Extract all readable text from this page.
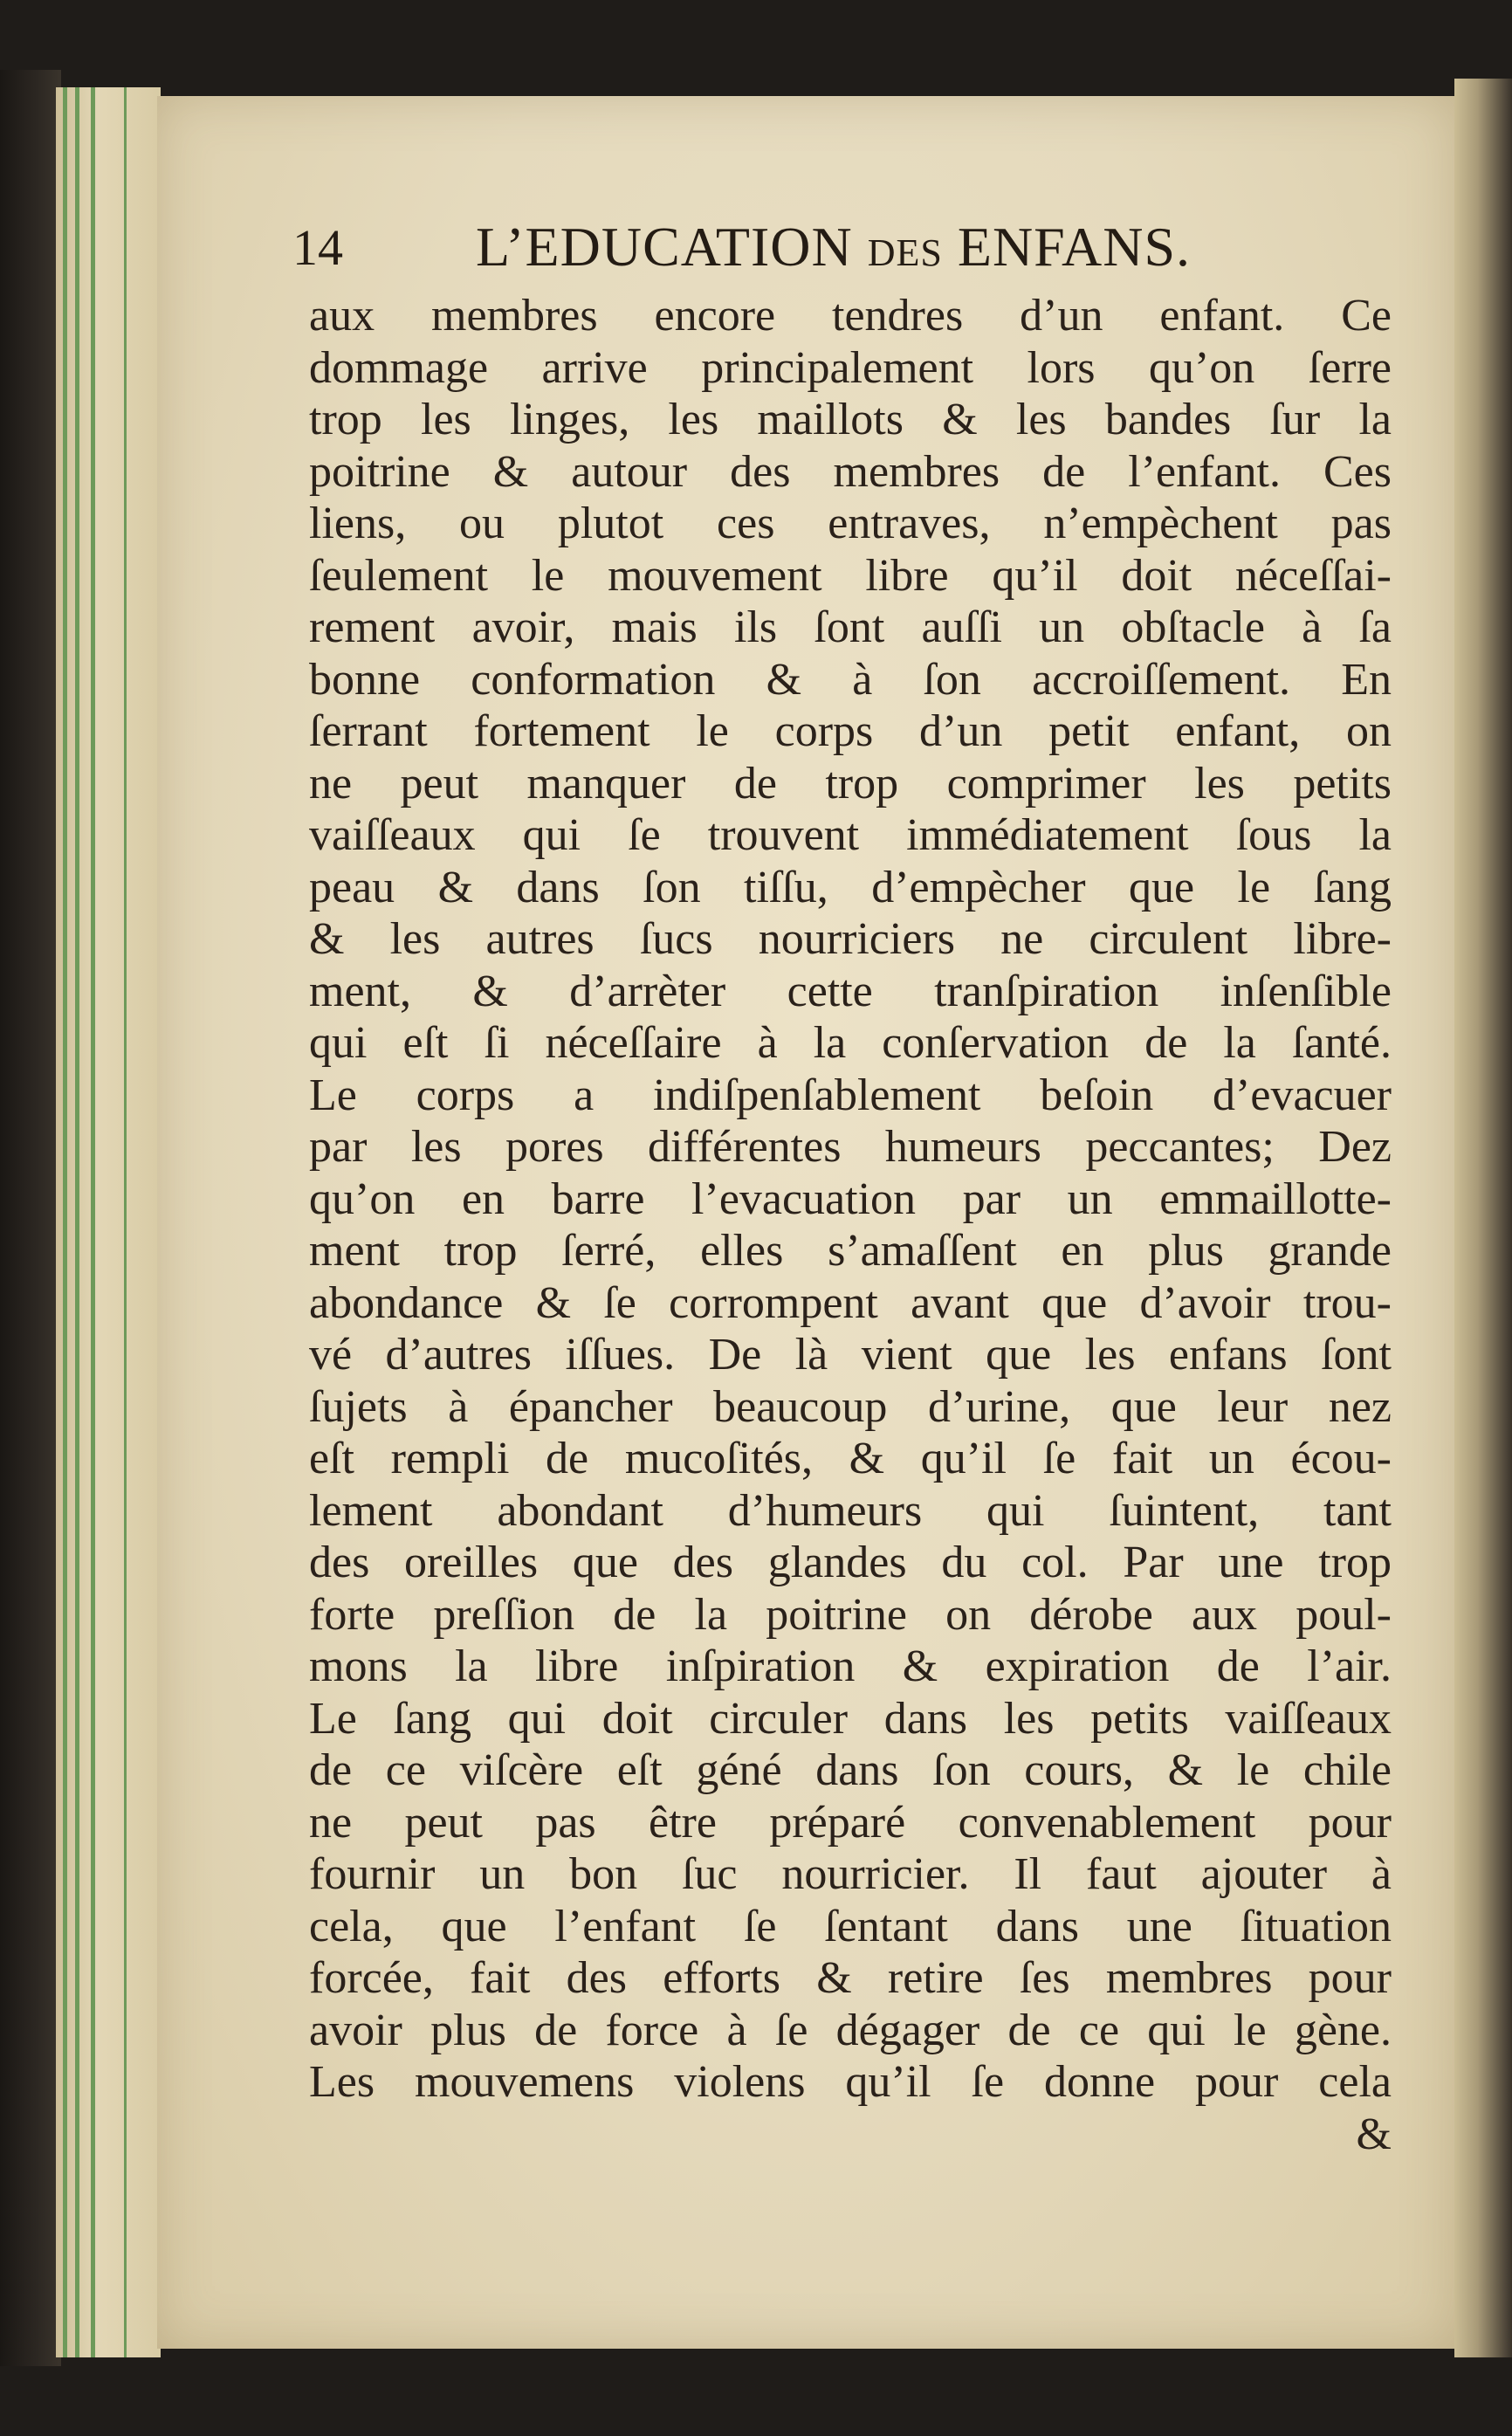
14 L’EDUCATION DES ENFANS.
aux membres encore tendres d’un enfant. Ce
dommage arrive principalement lors qu’on ſerre
trop les linges, les maillots & les bandes ſur la
poitrine & autour des membres de l’enfant. Ces
liens, ou plutot ces entraves, n’empèchent pas
ſeulement le mouvement libre qu’il doit néceſſai-
rement avoir, mais ils ſont auſſi un obſtacle à ſa
bonne conformation & à ſon accroiſſement. En
ſerrant fortement le corps d’un petit enfant, on
ne peut manquer de trop comprimer les petits
vaiſſeaux qui ſe trouvent immédiatement ſous la
peau & dans ſon tiſſu, d’empècher que le ſang
& les autres ſucs nourriciers ne circulent libre-
ment, & d’arrèter cette tranſpiration inſenſible
qui eſt ſi néceſſaire à la conſervation de la ſanté.
Le corps a indiſpenſablement beſoin d’evacuer
par les pores différentes humeurs peccantes; Dez
qu’on en barre l’evacuation par un emmaillotte-
ment trop ſerré, elles s’amaſſent en plus grande
abondance & ſe corrompent avant que d’avoir trou-
vé d’autres iſſues. De là vient que les enfans ſont
ſujets à épancher beaucoup d’urine, que leur nez
eſt rempli de mucoſités, & qu’il ſe fait un écou-
lement abondant d’humeurs qui ſuintent, tant
des oreilles que des glandes du col. Par une trop
forte preſſion de la poitrine on dérobe aux poul-
mons la libre inſpiration & expiration de l’air.
Le ſang qui doit circuler dans les petits vaiſſeaux
de ce viſcère eſt géné dans ſon cours, & le chile
ne peut pas être préparé convenablement pour
fournir un bon ſuc nourricier. Il faut ajouter à
cela, que l’enfant ſe ſentant dans une ſituation
forcée, fait des efforts & retire ſes membres pour
avoir plus de force à ſe dégager de ce qui le gène.
Les mouvemens violens qu’il ſe donne pour cela
&
